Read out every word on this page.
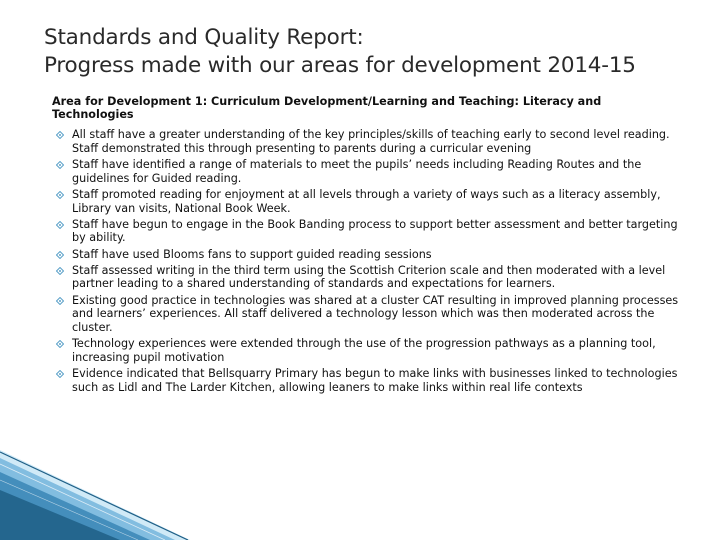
Standards and Quality Report:
Progress made with our areas for development 2014-15
Area for Development 1: Curriculum Development/Learning and Teaching: Literacy and Technologies
All staff have a greater understanding of the key principles/skills of teaching early to second level reading. Staff demonstrated this through presenting to parents during a curricular evening
Staff have identified a range of materials to meet the pupils’ needs including Reading Routes and the guidelines for Guided reading.
Staff promoted reading for enjoyment at all levels through a variety of ways such as a literacy assembly, Library van visits, National Book Week.
Staff have begun to engage in the Book Banding process to support better assessment and better targeting by ability.
Staff have used Blooms fans to support guided reading sessions
Staff assessed writing in the third term using the Scottish Criterion scale and then moderated with a level partner leading to a shared understanding of standards and expectations for learners.
Existing good practice in technologies was shared at a cluster CAT resulting in improved planning processes and learners’ experiences. All staff delivered a technology lesson which was then moderated across the cluster.
Technology experiences were extended through the use of the progression pathways as a planning tool, increasing pupil motivation
Evidence indicated that Bellsquarry Primary has begun to make links with businesses linked to technologies such as Lidl and The Larder Kitchen, allowing leaners to make links within real life contexts
